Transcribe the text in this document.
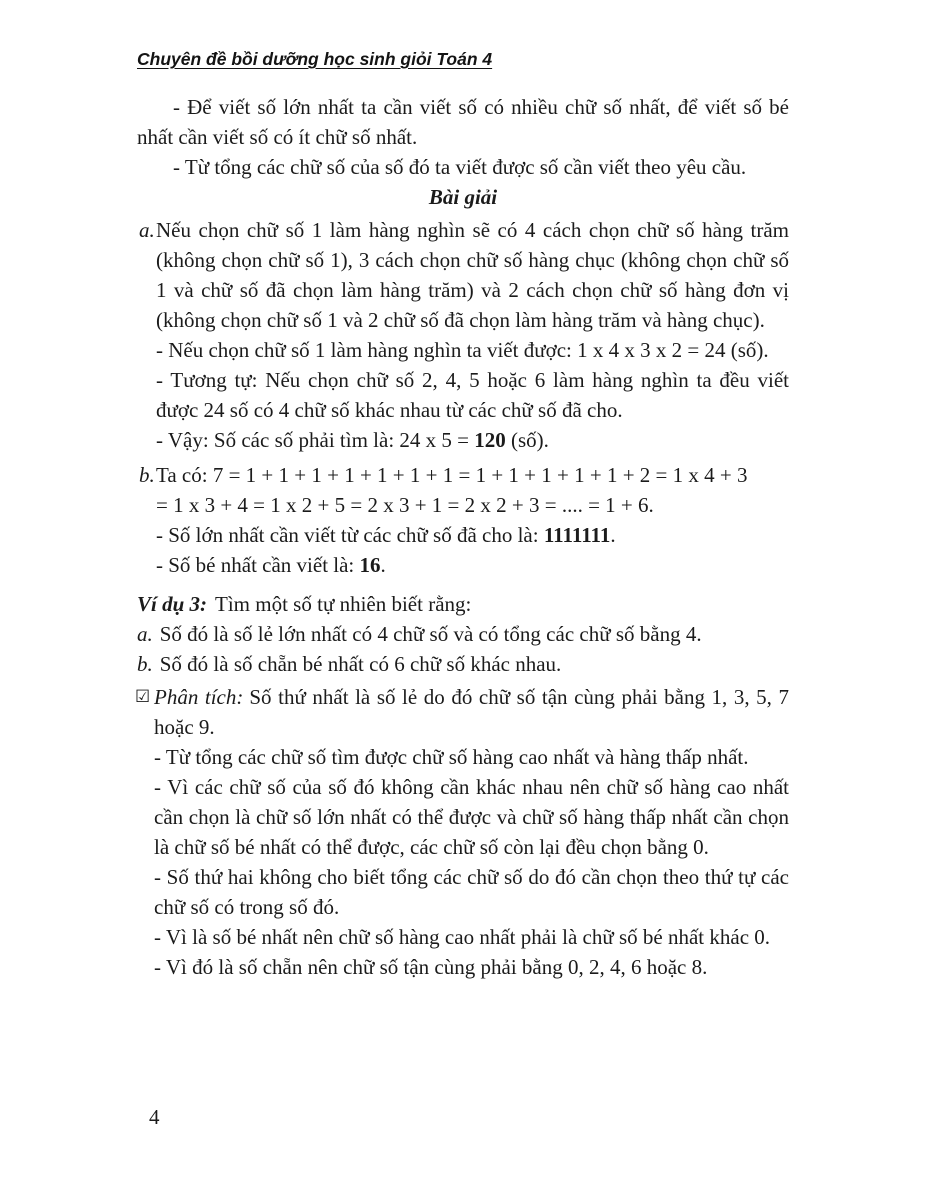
Chuyên đề bồi dưỡng học sinh giỏi Toán 4

- Để viết số lớn nhất ta cần viết số có nhiều chữ số nhất, để viết số bé nhất cần viết số có ít chữ số nhất.

- Từ tổng các chữ số của số đó ta viết được số cần viết theo yêu cầu.

Bài giải

a. Nếu chọn chữ số 1 làm hàng nghìn sẽ có 4 cách chọn chữ số hàng trăm (không chọn chữ số 1), 3 cách chọn chữ số hàng chục (không chọn chữ số 1 và chữ số đã chọn làm hàng trăm) và 2 cách chọn chữ số hàng đơn vị (không chọn chữ số 1 và 2 chữ số đã chọn làm hàng trăm và hàng chục).

- Nếu chọn chữ số 1 làm hàng nghìn ta viết được: 1 x 4 x 3 x 2 = 24 (số).

- Tương tự: Nếu chọn chữ số 2, 4, 5 hoặc 6 làm hàng nghìn ta đều viết được 24 số có 4 chữ số khác nhau từ các chữ số đã cho.

- Vậy: Số các số phải tìm là: 24 x 5 = 120 (số).

b. Ta có: 7 = 1 + 1 + 1 + 1 + 1 + 1 + 1 = 1 + 1 + 1 + 1 + 1 + 2 = 1 x 4 + 3

= 1 x 3 + 4 = 1 x 2 + 5 = 2 x 3 + 1 = 2 x 2 + 3 = .... = 1 + 6.

- Số lớn nhất cần viết từ các chữ số đã cho là: 1111111.

- Số bé nhất cần viết là: 16.

Ví dụ 3: Tìm một số tự nhiên biết rằng:

a. Số đó là số lẻ lớn nhất có 4 chữ số và có tổng các chữ số bằng 4.

b. Số đó là số chẵn bé nhất có 6 chữ số khác nhau.

☑ Phân tích: Số thứ nhất là số lẻ do đó chữ số tận cùng phải bằng 1, 3, 5, 7 hoặc 9.

- Từ tổng các chữ số tìm được chữ số hàng cao nhất và hàng thấp nhất.

- Vì các chữ số của số đó không cần khác nhau nên chữ số hàng cao nhất cần chọn là chữ số lớn nhất có thể được và chữ số hàng thấp nhất cần chọn là chữ số bé nhất có thể được, các chữ số còn lại đều chọn bằng 0.

- Số thứ hai không cho biết tổng các chữ số do đó cần chọn theo thứ tự các chữ số có trong số đó.

- Vì là số bé nhất nên chữ số hàng cao nhất phải là chữ số bé nhất khác 0.

- Vì đó là số chẵn nên chữ số tận cùng phải bằng 0, 2, 4, 6 hoặc 8.

4
